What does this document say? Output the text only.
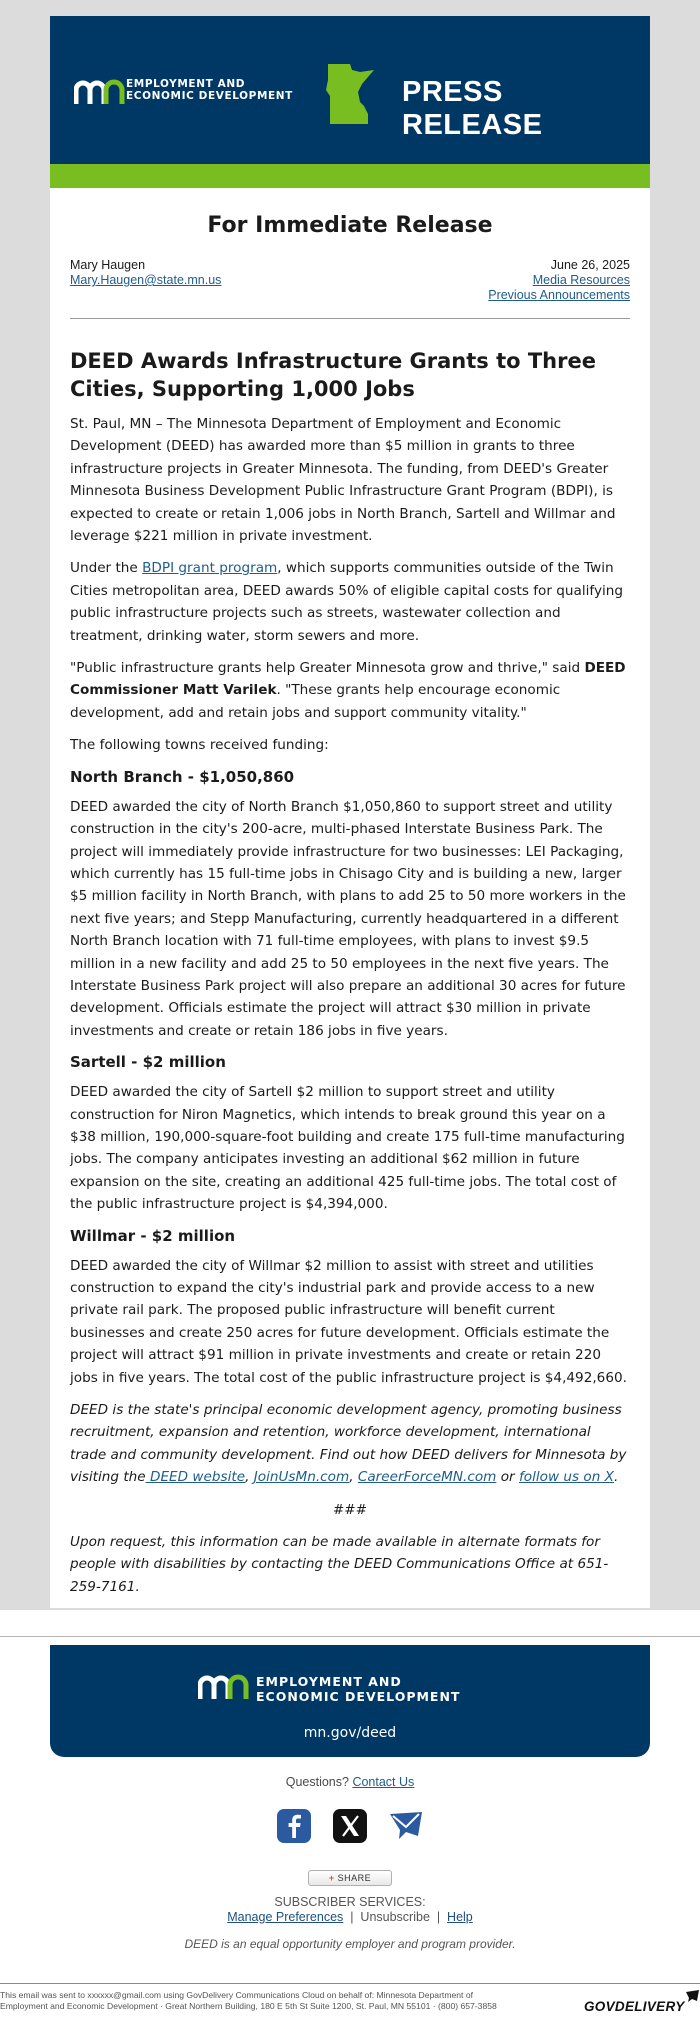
EMPLOYMENT AND
ECONOMIC DEVELOPMENT	PRESS RELEASE
For Immediate Release
Mary Haugen
Mary.Haugen@state.mn.us
June 26, 2025
Media Resources
Previous Announcements
DEED Awards Infrastructure Grants to Three Cities, Supporting 1,000 Jobs

St. Paul, MN – The Minnesota Department of Employment and Economic Development (DEED) has awarded more than $5 million in grants to three infrastructure projects in Greater Minnesota. The funding, from DEED's Greater Minnesota Business Development Public Infrastructure Grant Program (BDPI), is expected to create or retain 1,006 jobs in North Branch, Sartell and Willmar and leverage $221 million in private investment.

Under the BDPI grant program, which supports communities outside of the Twin Cities metropolitan area, DEED awards 50% of eligible capital costs for qualifying public infrastructure projects such as streets, wastewater collection and treatment, drinking water, storm sewers and more.

"Public infrastructure grants help Greater Minnesota grow and thrive," said DEED Commissioner Matt Varilek. "These grants help encourage economic development, add and retain jobs and support community vitality."

The following towns received funding:

North Branch - $1,050,860

DEED awarded the city of North Branch $1,050,860 to support street and utility construction in the city's 200-acre, multi-phased Interstate Business Park. The project will immediately provide infrastructure for two businesses: LEI Packaging, which currently has 15 full-time jobs in Chisago City and is building a new, larger $5 million facility in North Branch, with plans to add 25 to 50 more workers in the next five years; and Stepp Manufacturing, currently headquartered in a different North Branch location with 71 full-time employees, with plans to invest $9.5 million in a new facility and add 25 to 50 employees in the next five years. The Interstate Business Park project will also prepare an additional 30 acres for future development. Officials estimate the project will attract $30 million in private investments and create or retain 186 jobs in five years.

Sartell - $2 million

DEED awarded the city of Sartell $2 million to support street and utility construction for Niron Magnetics, which intends to break ground this year on a $38 million, 190,000-square-foot building and create 175 full-time manufacturing jobs. The company anticipates investing an additional $62 million in future expansion on the site, creating an additional 425 full-time jobs. The total cost of the public infrastructure project is $4,394,000.

Willmar - $2 million

DEED awarded the city of Willmar $2 million to assist with street and utilities construction to expand the city's industrial park and provide access to a new private rail park. The proposed public infrastructure will benefit current businesses and create 250 acres for future development. Officials estimate the project will attract $91 million in private investments and create or retain 220 jobs in five years. The total cost of the public infrastructure project is $4,492,660.

DEED is the state's principal economic development agency, promoting business recruitment, expansion and retention, workforce development, international trade and community development. Find out how DEED delivers for Minnesota by visiting the DEED website, JoinUsMn.com, CareerForceMN.com or follow us on X.

###

Upon request, this information can be made available in alternate formats for people with disabilities by contacting the DEED Communications Office at 651-259-7161.

EMPLOYMENT AND
ECONOMIC DEVELOPMENT
mn.gov/deed
Questions? Contact Us
+ SHARE
SUBSCRIBER SERVICES:
Manage Preferences  |  Unsubscribe  |  Help
DEED is an equal opportunity employer and program provider.
This email was sent to xxxxxx@gmail.com using GovDelivery Communications Cloud on behalf of: Minnesota Department of
Employment and Economic Development · Great Northern Building, 180 E 5th St Suite 1200, St. Paul, MN 55101 · (800) 657-3858	GOVDELIVERY
